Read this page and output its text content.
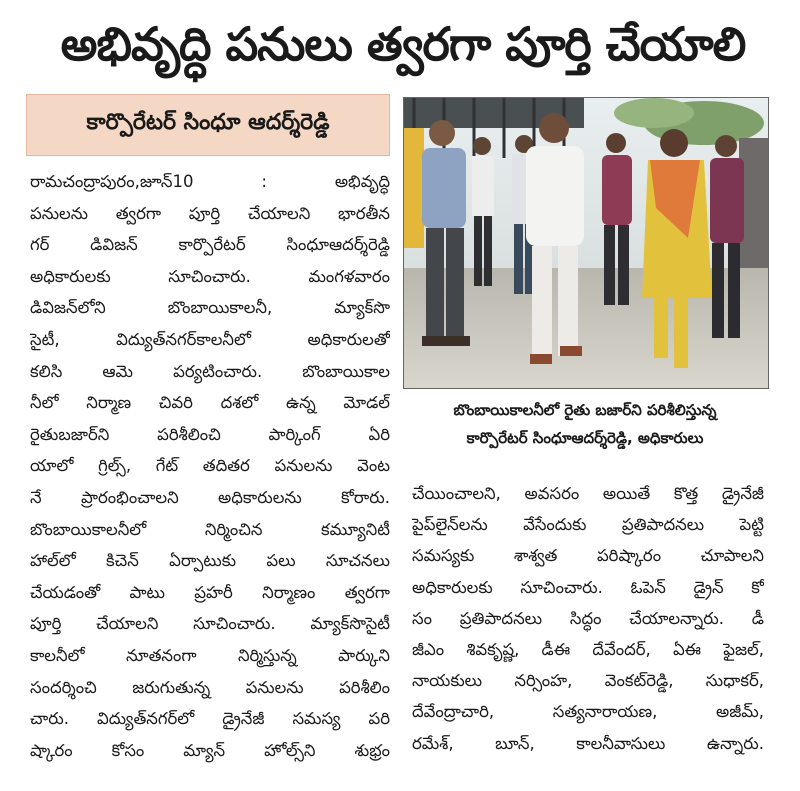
అభివృద్ధి పనులు త్వరగా పూర్తి చేయాలి
కార్పొరేటర్ సింధూ ఆదర్శ్‌రెడ్డి

రామచంద్రాపురం,జూన్10 : అభివృద్ధి

పనులను త్వరగా పూర్తి చేయాలని భారతీన

గర్ డివిజన్ కార్పొరేటర్ సింధూఆదర్శ్‌రెడ్డి

అధికారులకు సూచించారు. మంగళవారం

డివిజన్‌లోని బొంబాయికాలనీ, మ్యాక్‌సొ

సైటీ, విద్యుత్‌నగర్‌కాలనీలో అధికారులతో

కలిసి ఆమె పర్యటించారు. బొంబాయికాల

నీలో నిర్మాణ చివరి దశలో ఉన్న మోడల్

రైతుబజార్‌ని పరిశీలించి పార్కింగ్ ఏరి

యాలో గ్రిల్స్, గేట్ తదితర పనులను వెంట

నే ప్రారంభించాలని అధికారులను కోరారు.

బొంబాయికాలనీలో నిర్మించిన కమ్యూనిటీ

హాల్‌లో కిచెన్ ఏర్పాటుకు పలు సూచనలు

చేయడంతో పాటు ప్రహరీ నిర్మాణం త్వరగా

పూర్తి చేయాలని సూచించారు. మ్యాక్‌సొసైటీ

కాలనీలో నూతనంగా నిర్మిస్తున్న పార్కుని

సందర్శించి జరుగుతున్న పనులను పరిశీలిం

చారు. విద్యుత్‌నగర్‌లో డ్రైనేజీ సమస్య పరి

ష్కారం కోసం మ్యాన్ హోల్స్‌ని శుభ్రం

బొంబాయికాలనీలో రైతు బజార్‌ని పరిశీలిస్తున్న
కార్పొరేటర్ సింధూఆదర్శ్‌రెడ్డి, అధికారులు

చేయించాలని, అవసరం అయితే కొత్త డ్రైనేజీ

పైప్‌లైన్‌లను వేసేందుకు ప్రతిపాదనలు పెట్టి

సమస్యకు శాశ్వత పరిష్కారం చూపాలని

అధికారులకు సూచించారు. ఓపెన్ డ్రైన్ కో

సం ప్రతిపాదనలు సిద్ధం చేయాలన్నారు. డీ

జీఎం శివకృష్ణ, డీఈ దేవేందర్, ఏఈ ఫైజల్,

నాయకులు నర్సింహ, వెంకట్‌రెడ్డి, సుధాకర్,

దేవేంద్రాచారి, సత్యనారాయణ, అజీమ్,

రమేశ్, బూన్, కాలనీవాసులు ఉన్నారు.
